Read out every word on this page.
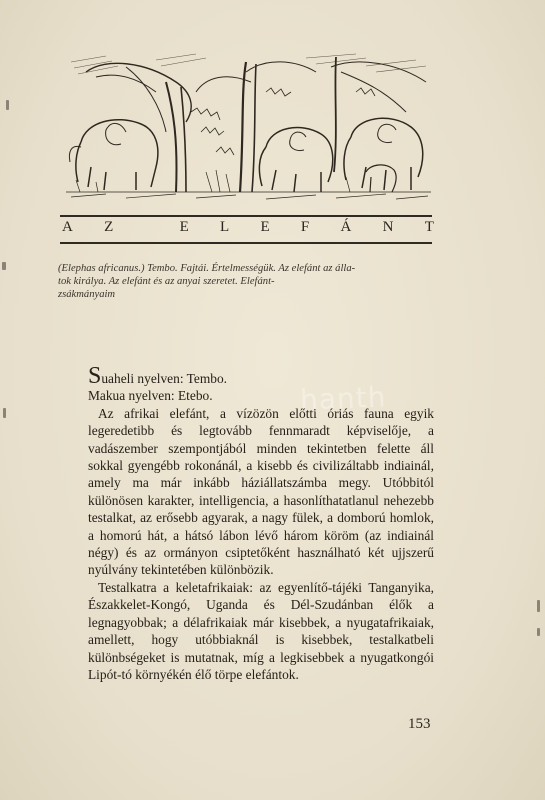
A Z
	E L E F Á N T
(Elephas africanus.) Tembo. Fajtái. Értelmességük. Az elefánt az álla-
tok királya. Az elefánt és az anyai szeretet. Elefánt-
zsákmányaim
hanth

Suaheli nyelven: Tembo.

Makua nyelven: Etebo.

Az afrikai elefánt, a vízözön előtti óriás fauna egyik legeredetibb és legtovább fennmaradt képviselője, a vadászember szempontjából minden tekintetben felette áll sokkal gyengébb rokonánál, a kisebb és civilizáltabb indiainál, amely ma már inkább háziállatszámba megy. Utóbbitól különösen karakter, intelligencia, a hasonlíthatatlanul nehezebb testalkat, az erősebb agyarak, a nagy fülek, a domború homlok, a homorú hát, a hátsó lábon lévő három köröm (az indiainál négy) és az ormányon csiptetőként használható két ujjszerű nyúlvány tekintetében különbözik.

Testalkatra a keletafrikaiak: az egyenlítő-tájéki Tanganyika, Északkelet-Kongó, Uganda és Dél-Szudánban élők a legnagyobbak; a délafrikaiak már kisebbek, a nyugatafrikaiak, amellett, hogy utóbbiaknál is kisebbek, testalkatbeli különbségeket is mutatnak, míg a legkisebbek a nyugatkongói Lipót-tó környékén élő törpe elefántok.

153
